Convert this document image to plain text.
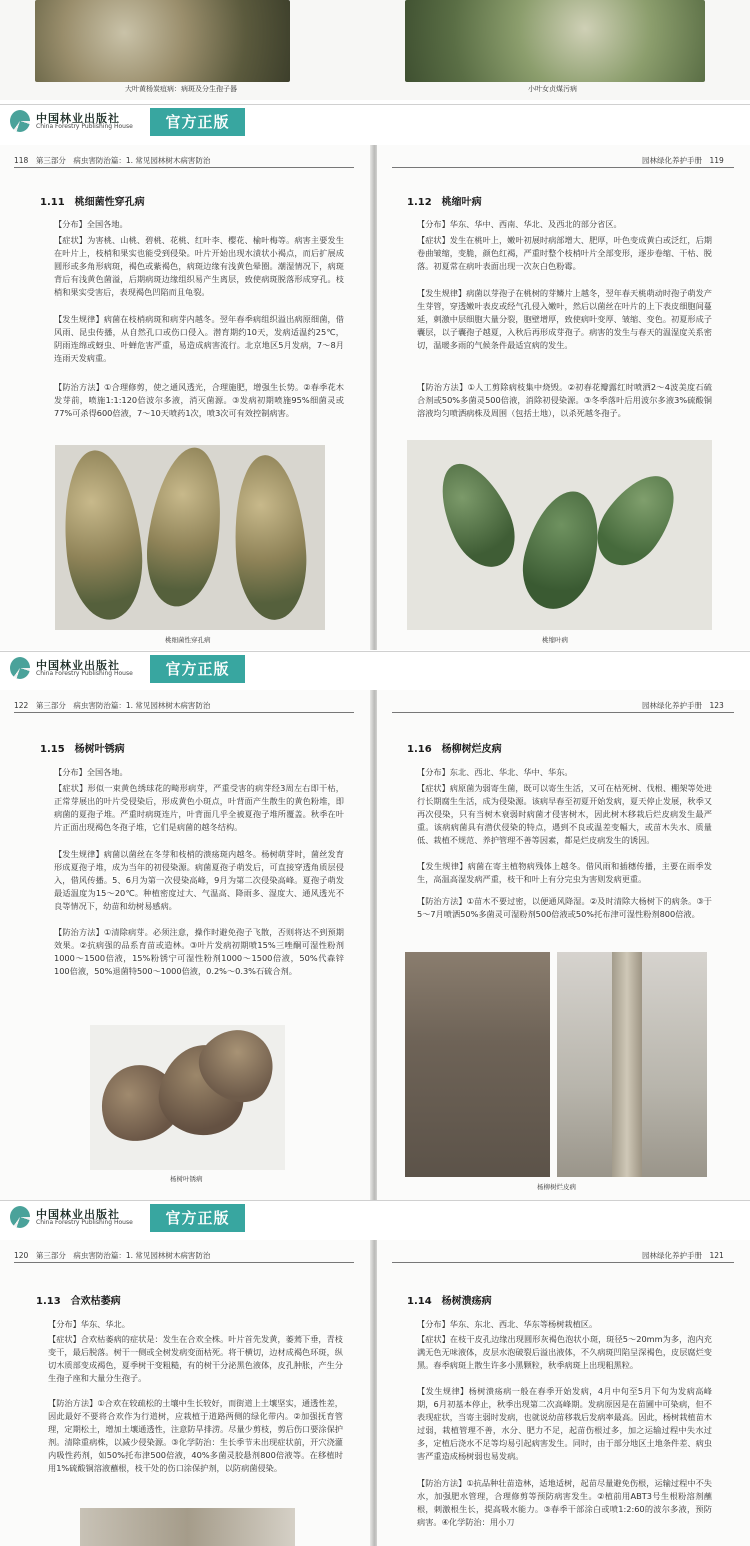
大叶黄杨炭疽病：病斑及分生孢子器	小叶女贞煤污病
中国林业出版社
China Forestry Publishing House	官方正版
118　 第三部分　病虫害防治篇：1. 常见园林树木病害防治
1.11　桃细菌性穿孔病
【分布】全国各地。
【症状】为害桃、山桃、碧桃、花桃、红叶李、樱花、榆叶梅等。病害主要发生在叶片上，枝梢和果实也能受到侵染。叶片开始出现水渍状小褐点，而后扩展成圆形或多角形病斑，褐色或紫褐色，病斑边缘有浅黄色晕圈。潮湿情况下，病斑背后有浅黄色菌溢，后期病斑边缘组织易产生离层，致使病斑脱落形成穿孔。枝梢和果实受害后，表现褐色凹陷而且龟裂。
【发生规律】病菌在枝梢病斑和病芽内越冬。翌年春季病组织溢出病原细菌，借风雨、昆虫传播，从自然孔口或伤口侵入。潜育期约10天，发病适温约25℃，阴雨连绵或蚜虫、叶蝉危害严重，易造成病害流行。北京地区5月发病，7～8月连雨天发病重。
【防治方法】①合理修剪，使之通风透光，合理施肥，增强生长势。②春季花木发芽前，喷施1:1:120倍波尔多液，消灭菌源。③发病初期喷施95%细菌灵或77%可杀得600倍液，7～10天喷药1次，喷3次可有效控制病害。
桃细菌性穿孔病
园林绿化养护手册　 119
1.12　桃缩叶病
【分布】华东、华中、西南、华北、及西北的部分省区。
【症状】发生在桃叶上，嫩叶初展时病部增大、肥厚，叶色变成黄白或泛红，后期卷曲皱缩，变脆，颜色红褐，严重时整个枝梢叶片全部变形，逐步卷缩、干枯、脱落。初夏常在病叶表面出现一次灰白色粉霉。
【发生规律】病菌以芽孢子在桃树的芽鳞片上越冬，翌年春天桃萌动时孢子萌发产生芽管，穿透嫩叶表皮或经气孔侵入嫩叶，然后以菌丝在叶片的上下表皮细胞间蔓延，刺激中层细胞大量分裂，胞壁增厚，致使病叶变厚、皱缩、变色。初夏形成子囊层，以子囊孢子越夏，入秋后再形成芽孢子。病害的发生与春天的温湿度关系密切，温暖多雨的气候条件最适宜病的发生。
【防治方法】①人工剪除病枝集中烧毁。②初春花瓣露红时喷洒2～4波美度石硫合剂或50%多菌灵500倍液，消除初侵染源。③冬季落叶后用波尔多液3%硫酸铜溶液均匀喷洒病株及周围（包括土地），以杀死越冬孢子。
桃缩叶病
中国林业出版社
China Forestry Publishing House	官方正版
122　 第三部分　病虫害防治篇：1. 常见园林树木病害防治
1.15　杨树叶锈病
【分布】全国各地。
【症状】形似一束黄色绣球花的畸形病芽，严重受害的病芽经3周左右即干枯，正常芽展出的叶片受侵染后，形成黄色小斑点，叶背面产生散生的黄色粉堆，即病菌的夏孢子堆。严重时病斑连片，叶背面几乎全被夏孢子堆所覆盖。秋季在叶片正面出现褐色冬孢子堆，它们是病菌的越冬结构。
【发生规律】病菌以菌丝在冬芽和枝梢的溃疡斑内越冬。杨树萌芽时，菌丝发育形成夏孢子堆，成为当年的初侵染源。病菌夏孢子萌发后，可直接穿透角质层侵入，借风传播。5、6月为第一次侵染高峰，9月为第二次侵染高峰。夏孢子萌发最适温度为15～20℃。种植密度过大、气温高、降雨多、湿度大、通风透光不良等情况下，幼苗和幼树易感病。
【防治方法】①清除病芽。必须注意，操作时避免孢子飞散，否则将达不到预期效果。②抗病强的品系育苗或造林。③叶片发病初期喷15%三唑酮可湿性粉剂1000～1500倍液，15%粉锈宁可湿性粉剂1000～1500倍液，50%代森锌100倍液，50%退菌特500～1000倍液，0.2%～0.3%石硫合剂。
杨树叶锈病
园林绿化养护手册　 123
1.16　杨柳树烂皮病
【分布】东北、西北、华北、华中、华东。
【症状】病原菌为弱寄生菌，既可以寄生生活，又可在枯死树、伐根、棚架等处进行长期腐生生活，成为侵染源。该病早春至初夏开始发病，夏天停止发展，秋季又再次侵染，只有当树木衰弱时病菌才侵害树木，因此树木移栽后烂皮病发生最严重。该病病菌具有潜伏侵染的特点，遇到不良或温差变幅大，或苗木失水、质量低、栽植不规范、养护管理不善等因素，都是烂皮病发生的诱因。
【发生规律】病菌在寄主植物病残体上越冬。借风雨和插穗传播，主要在雨季发生，高温高湿发病严重，枝干和叶上有分完虫为害则发病更重。
【防治方法】①苗木不要过密，以便通风降湿。②及时清除大杨树下的病条。③于5～7月喷洒50%多菌灵可湿粉剂500倍液或50%托布津可湿性粉剂800倍液。
杨柳树烂皮病
中国林业出版社
China Forestry Publishing House	官方正版
120　 第三部分　病虫害防治篇：1. 常见园林树木病害防治
1.13　合欢枯萎病
【分布】华东、华北。
【症状】合欢枯萎病的症状是：发生在合欢全株。叶片首先发黄，萎蔫下垂，青枝变干，最后脱落。树干一侧或全树发病变面枯死。将干横切，边材成褐色环斑，纵切木质部变成褐色，夏季树干变粗糙，有的树干分泌黑色液体，皮孔肿胀，产生分生孢子座和大量分生孢子。
【防治方法】①合欢在较疏松的土壤中生长较好，而街道上土壤坚实，通透性差，因此最好不要将合欢作为行道树，应栽植于道路两侧的绿化带内。②加强抚育管理，定期松土，增加土壤通透性，注意防旱排涝。尽量少剪枝，剪后伤口要涂保护剂。清除重病株，以减少侵染源。③化学防治：生长季节未出现症状前，开穴浇灌内吸性药剂，如50%托布津500倍液，40%多菌灵胶悬剂800倍液等。在移植时用1%硫酸铜溶液蘸根，枝干处的伤口涂保护剂，以防病菌侵染。
园林绿化养护手册　 121
1.14　杨树溃疡病
【分布】华东、东北、西北、华东等杨树栽植区。
【症状】在枝干皮孔边缘出现圆形灰褐色泡状小斑，斑径5～20mm为多，泡内充满无色无味液体，皮层水泡破裂后溢出液体，不久病斑凹陷呈深褐色，皮层腐烂变黑。春季病斑上散生许多小黑颗粒，秋季病斑上出现粗黑粒。
【发生规律】杨树溃疡病一般在春季开始发病，4月中旬至5月下旬为发病高峰期，6月初基本停止，秋季出现第二次高峰期。发病原因是在苗圃中可染病，但不表现症状，当寄主弱时发病，也就说幼苗移栽后发病率最高。因此，杨树栽植苗木过弱，栽植管理不善，水分、肥力不足，起苗伤根过多，加之运输过程中失水过多，定植后浇水不足等均易引起病害发生。同时，由于部分地区土地条件差、病虫害严重造成杨树弱也易发病。
【防治方法】①抗品种壮苗造林，适地适树，起苗尽量避免伤根，运输过程中不失水，加强肥水管理，合理修剪等预防病害发生。②植前用ABT3号生根粉溶剂蘸根，刺激根生长，提高吸水能力。③春季干部涂白或喷1:2:60的波尔多液，预防病害。④化学防治：用小刀
